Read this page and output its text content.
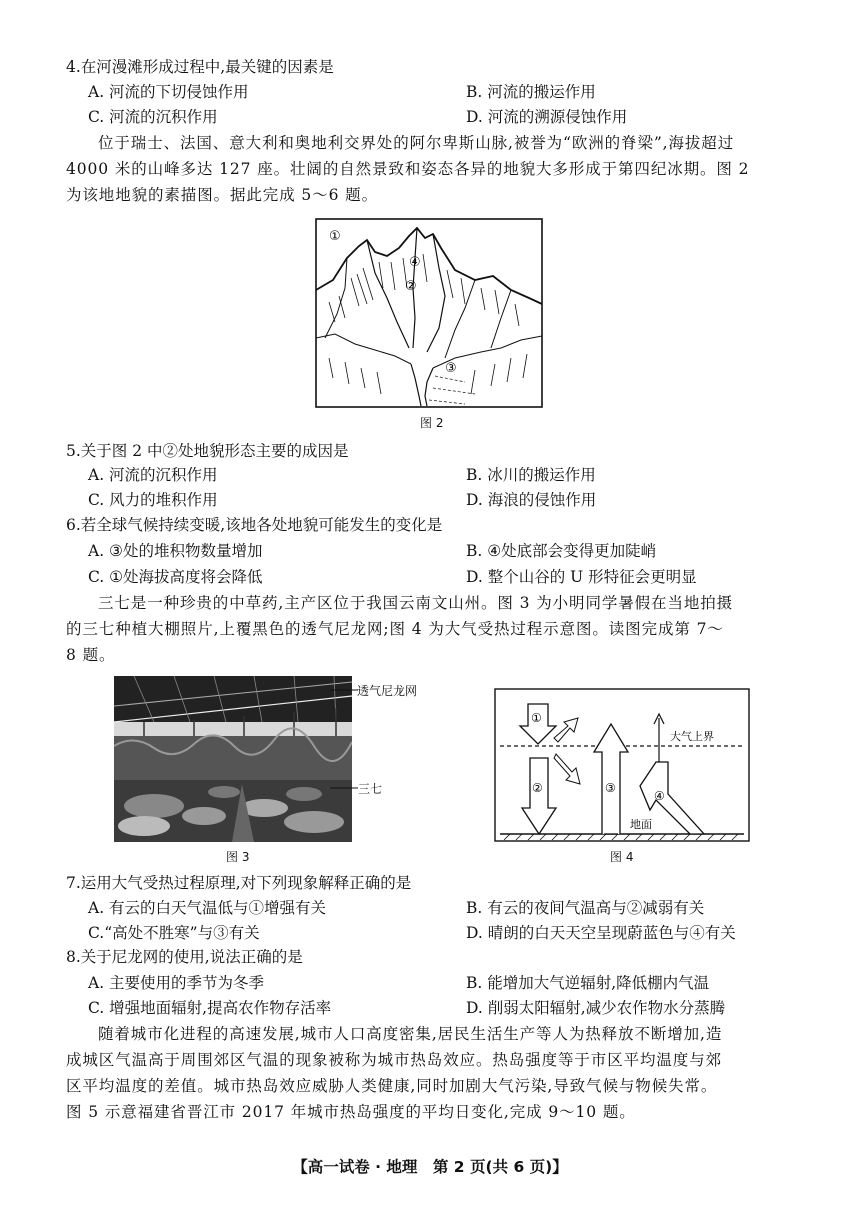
4.在河漫滩形成过程中,最关键的因素是
A. 河流的下切侵蚀作用	B. 河流的搬运作用
C. 河流的沉积作用	D. 河流的溯源侵蚀作用
位于瑞士、法国、意大利和奥地利交界处的阿尔卑斯山脉,被誉为“欧洲的脊梁”,海拔超过
4000 米的山峰多达 127 座。壮阔的自然景致和姿态各异的地貌大多形成于第四纪冰期。图 2
为该地地貌的素描图。据此完成 5～6 题。
①
④
②
③
图 2
5.关于图 2 中②处地貌形态主要的成因是
A. 河流的沉积作用	B. 冰川的搬运作用
C. 风力的堆积作用	D. 海浪的侵蚀作用
6.若全球气候持续变暖,该地各处地貌可能发生的变化是
A. ③处的堆积物数量增加	B. ④处底部会变得更加陡峭
C. ①处海拔高度将会降低	D. 整个山谷的 U 形特征会更明显
三七是一种珍贵的中草药,主产区位于我国云南文山州。图 3 为小明同学暑假在当地拍摄
的三七种植大棚照片,上覆黑色的透气尼龙网;图 4 为大气受热过程示意图。读图完成第 7～
8 题。
透气尼龙网
三七
图 3
①
②	③
④
大气上界
地面
图 4
7.运用大气受热过程原理,对下列现象解释正确的是
A. 有云的白天气温低与①增强有关	B. 有云的夜间气温高与②减弱有关
C.“高处不胜寒”与③有关	D. 晴朗的白天天空呈现蔚蓝色与④有关
8.关于尼龙网的使用,说法正确的是
A. 主要使用的季节为冬季	B. 能增加大气逆辐射,降低棚内气温
C. 增强地面辐射,提高农作物存活率	D. 削弱太阳辐射,减少农作物水分蒸腾
随着城市化进程的高速发展,城市人口高度密集,居民生活生产等人为热释放不断增加,造
成城区气温高于周围郊区气温的现象被称为城市热岛效应。热岛强度等于市区平均温度与郊
区平均温度的差值。城市热岛效应威胁人类健康,同时加剧大气污染,导致气候与物候失常。
图 5 示意福建省晋江市 2017 年城市热岛强度的平均日变化,完成 9～10 题。
【高一试卷 · 地理　第 2 页(共 6 页)】
